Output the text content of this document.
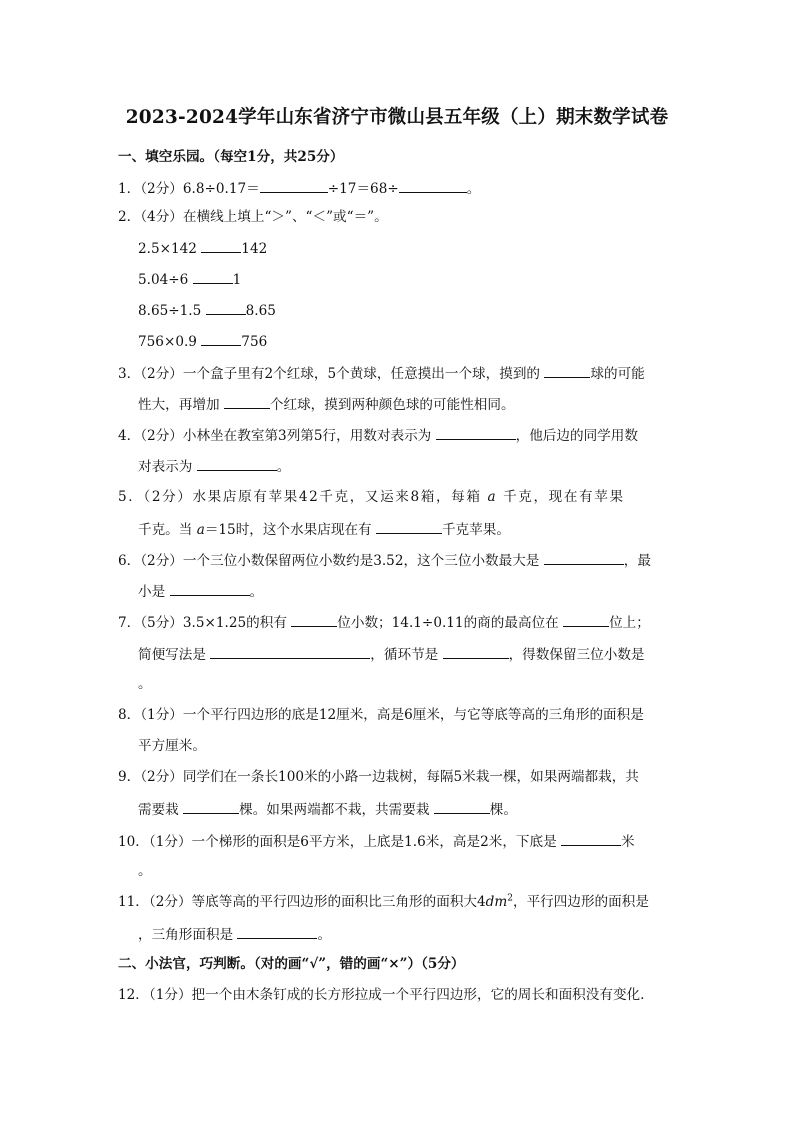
2023-2024学年山东省济宁市微山县五年级（上）期末数学试卷
一、填空乐园。（每空1分，共25分）
1．（2分）6.8÷0.17＝	÷17＝68÷	。
2．（4分）在横线上填上“＞”、“＜”或“＝”。
2.5×142	142
5.04÷6	1
8.65÷1.5	8.65
756×0.9	756
3．（2分）一个盒子里有2个红球，5个黄球，任意摸出一个球，摸到的	球的可能
性大，再增加	个红球，摸到两种颜色球的可能性相同。
4．（2分）小林坐在教室第3列第5行，用数对表示为	，他后边的同学用数
对表示为	。
5．（2分）水果店原有苹果42千克，又运来8箱，每箱 a 千克，现在有苹果
千克。当 a＝15时，这个水果店现在有	千克苹果。
6．（2分）一个三位小数保留两位小数约是3.52，这个三位小数最大是	，最
小是	。
7．（5分）3.5×1.25的积有	位小数；14.1÷0.11的商的最高位在	位上；
简便写法是	，循环节是	，得数保留三位小数是
。
8．（1分）一个平行四边形的底是12厘米，高是6厘米，与它等底等高的三角形的面积是
平方厘米。
9．（2分）同学们在一条长100米的小路一边栽树，每隔5米栽一棵，如果两端都栽，共
需要栽	棵。如果两端都不栽，共需要栽	棵。
10．（1分）一个梯形的面积是6平方米，上底是1.6米，高是2米，下底是	米
。
11．（2分）等底等高的平行四边形的面积比三角形的面积大$4dm^2$，平行四边形的面积是
，三角形面积是	。
二、小法官，巧判断。（对的画“√”，错的画“×”）（5分）
12．（1分）把一个由木条钉成的长方形拉成一个平行四边形，它的周长和面积没有变化.
